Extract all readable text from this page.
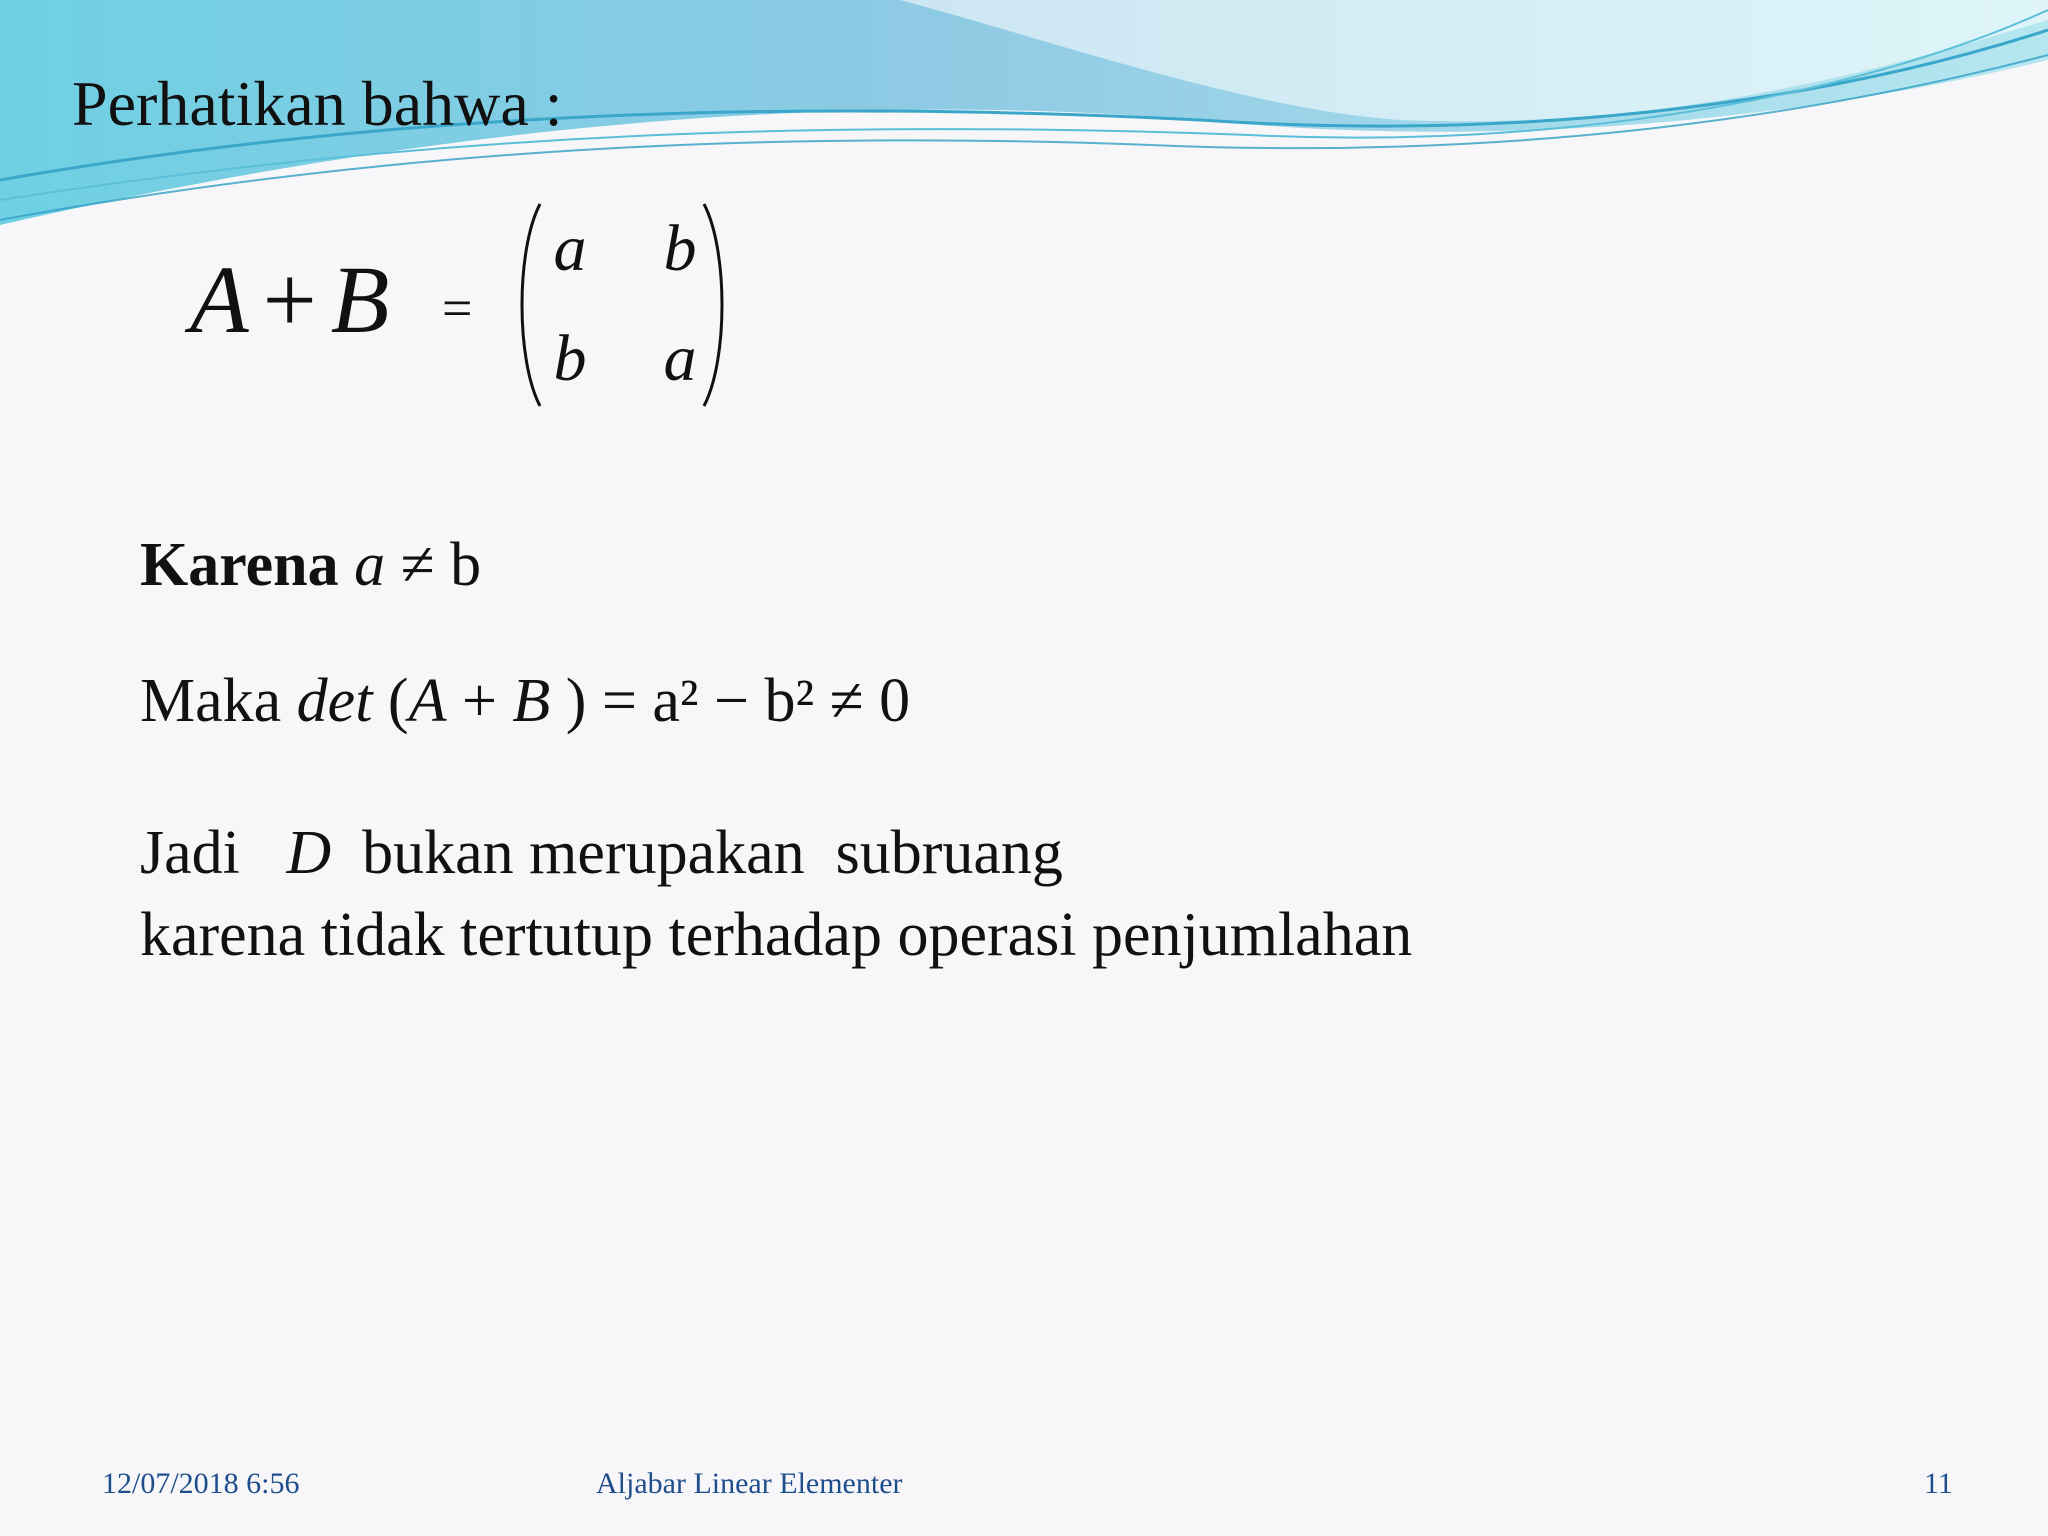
Perhatikan bahwa :
A + B =
a b
b a
Karena a ≠ b
Maka det (A + B ) = a² − b² ≠ 0
Jadi   D  bukan merupakan  subruang
karena tidak tertutup terhadap operasi penjumlahan
12/07/2018 6:56	Aljabar Linear Elementer	11
